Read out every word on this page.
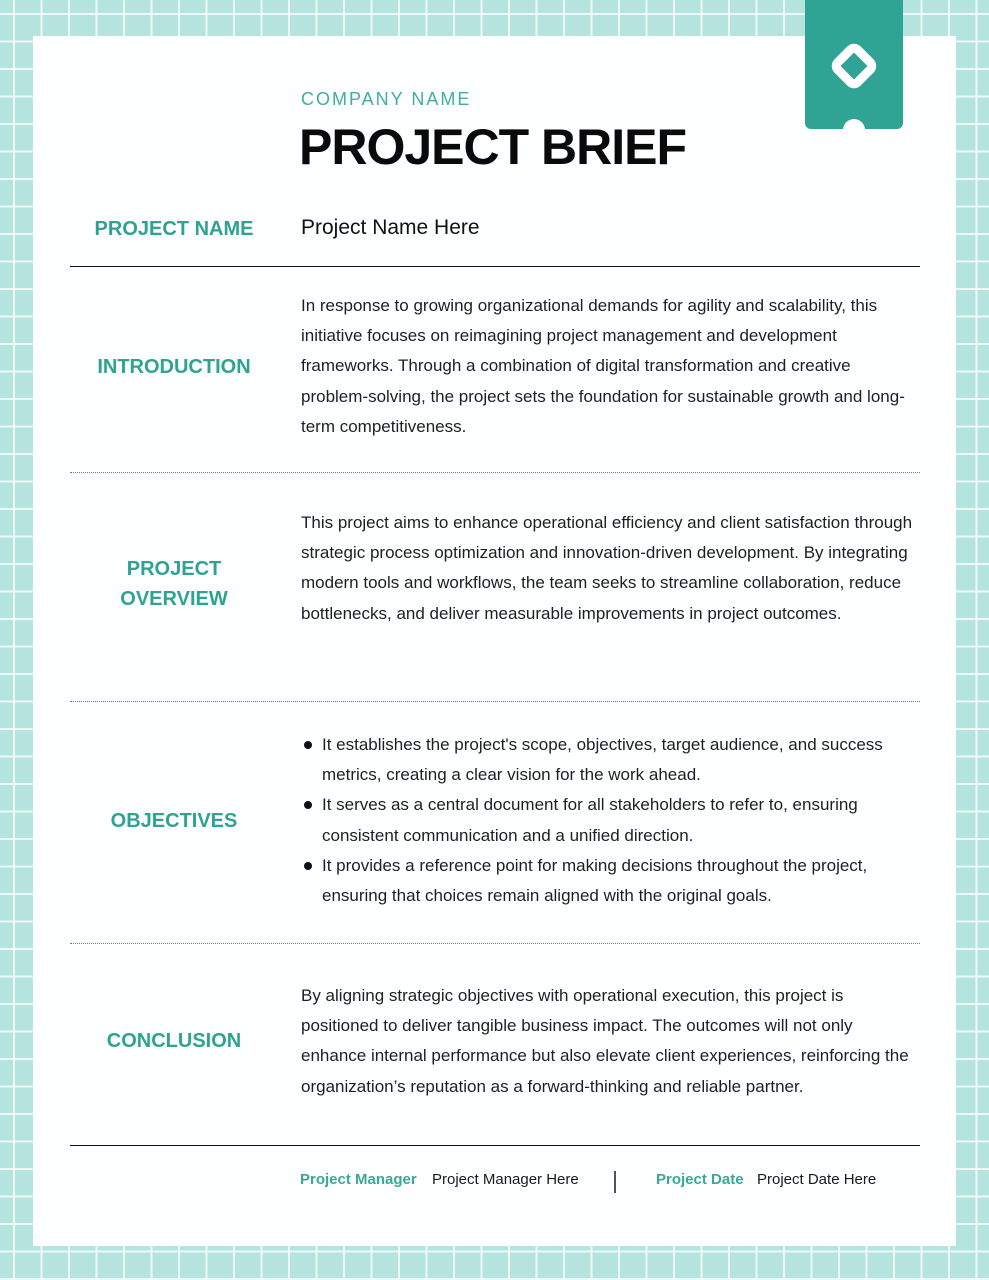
COMPANY NAME
PROJECT BRIEF
PROJECT NAME	Project Name Here
INTRODUCTION

In response to growing organizational demands for agility and scalability, this initiative focuses on reimagining project management and development frameworks. Through a combination of digital transformation and creative problem-solving, the project sets the foundation for sustainable growth and long-term competitiveness.

PROJECT
OVERVIEW

This project aims to enhance operational efficiency and client satisfaction through strategic process optimization and innovation-driven development. By integrating modern tools and workflows, the team seeks to streamline collaboration, reduce bottlenecks, and deliver measurable improvements in project outcomes.

OBJECTIVES
It establishes the project's scope, objectives, target audience, and success metrics, creating a clear vision for the work ahead.
It serves as a central document for all stakeholders to refer to, ensuring consistent communication and a unified direction.
It provides a reference point for making decisions throughout the project, ensuring that choices remain aligned with the original goals.
CONCLUSION

By aligning strategic objectives with operational execution, this project is positioned to deliver tangible business impact. The outcomes will not only enhance internal performance but also elevate client experiences, reinforcing the organization’s reputation as a forward-thinking and reliable partner.

Project Manager Project Manager Here	Project Date Project Date Here
